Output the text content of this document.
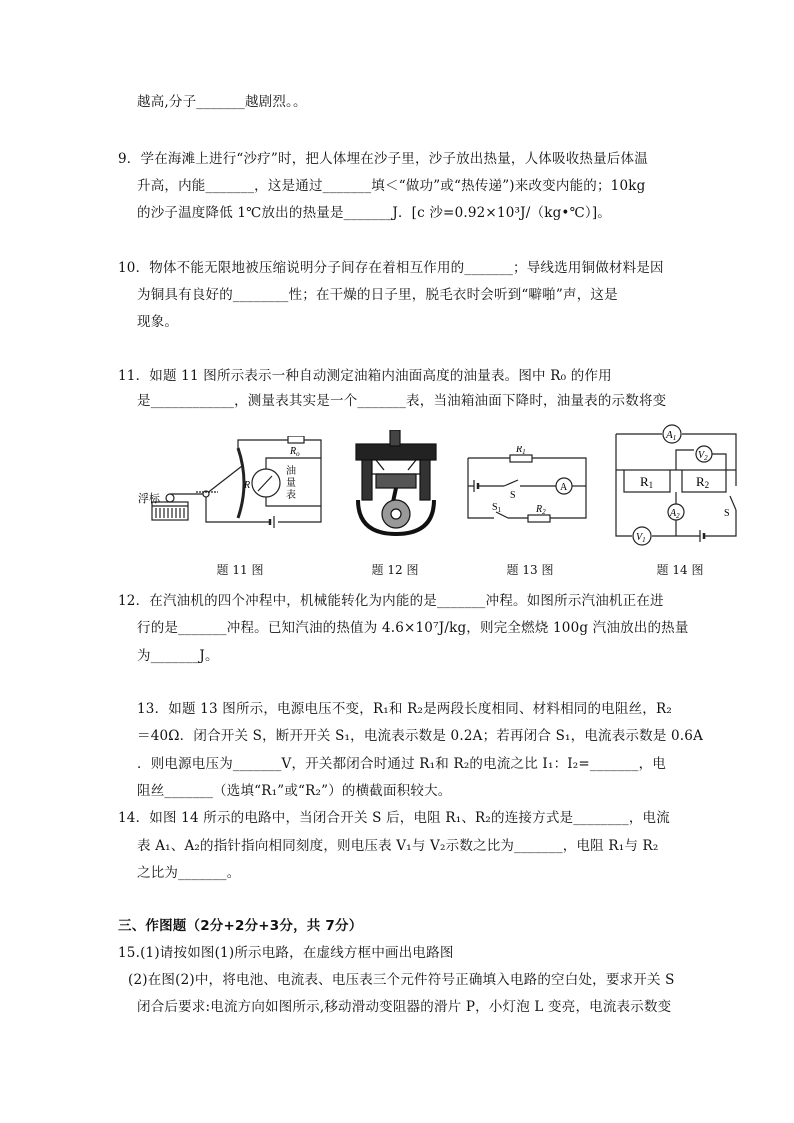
越高,分子_______越剧烈。。
9．学在海滩上进行“沙疗”时，把人体埋在沙子里，沙子放出热量，人体吸收热量后体温
升高，内能_______，这是通过_______填＜“做功”或“热传递”)来改变内能的；10kg
的沙子温度降低 1℃放出的热量是_______J．[c 沙=0.92×10³J/（kg•℃）]。
10．物体不能无限地被压缩说明分子间存在着相互作用的_______；导线选用铜做材料是因
为铜具有良好的________性；在干燥的日子里，脱毛衣时会听到“噼啪”声，这是
现象。
11．如题 11 图所示表示一种自动测定油箱内油面高度的油量表。图中 R₀ 的作用
是____________，测量表其实是一个_______表，当油箱油面下降时，油量表的示数将变
浮标
$R_o$
R
油
量
表
题 11 图	题 12 图
$R_1$
$R_2$
S
$S_1$
A
题 13 图
A1
$V_2$
R1	R2
$A_2$
$V_1$
S
题 14 图
12．在汽油机的四个冲程中，机械能转化为内能的是_______冲程。如图所示汽油机正在进
行的是_______冲程。已知汽油的热值为 4.6×10⁷J/kg，则完全燃烧 100g 汽油放出的热量
为_______J。
13．如题 13 图所示，电源电压不变，R₁和 R₂是两段长度相同、材料相同的电阻丝，R₂
＝40Ω．闭合开关 S，断开开关 S₁，电流表示数是 0.2A；若再闭合 S₁，电流表示数是 0.6A
．则电源电压为_______V，开关都闭合时通过 R₁和 R₂的电流之比 I₁：I₂=_______，电
阻丝_______（选填“R₁”或“R₂”）的横截面积较大。
14．如图 14 所示的电路中，当闭合开关 S 后，电阻 R₁、R₂的连接方式是________，电流
表 A₁、A₂的指针指向相同刻度，则电压表 V₁与 V₂示数之比为_______，电阻 R₁与 R₂
之比为_______。
三、作图题（2分+2分+3分，共 7分）
15.(1)请按如图(1)所示电路，在虚线方框中画出电路图
(2)在图(2)中，将电池、电流表、电压表三个元件符号正确填入电路的空白处，要求开关 S
闭合后要求:电流方向如图所示,移动滑动变阻器的滑片 P，小灯泡 L 变亮，电流表示数变
